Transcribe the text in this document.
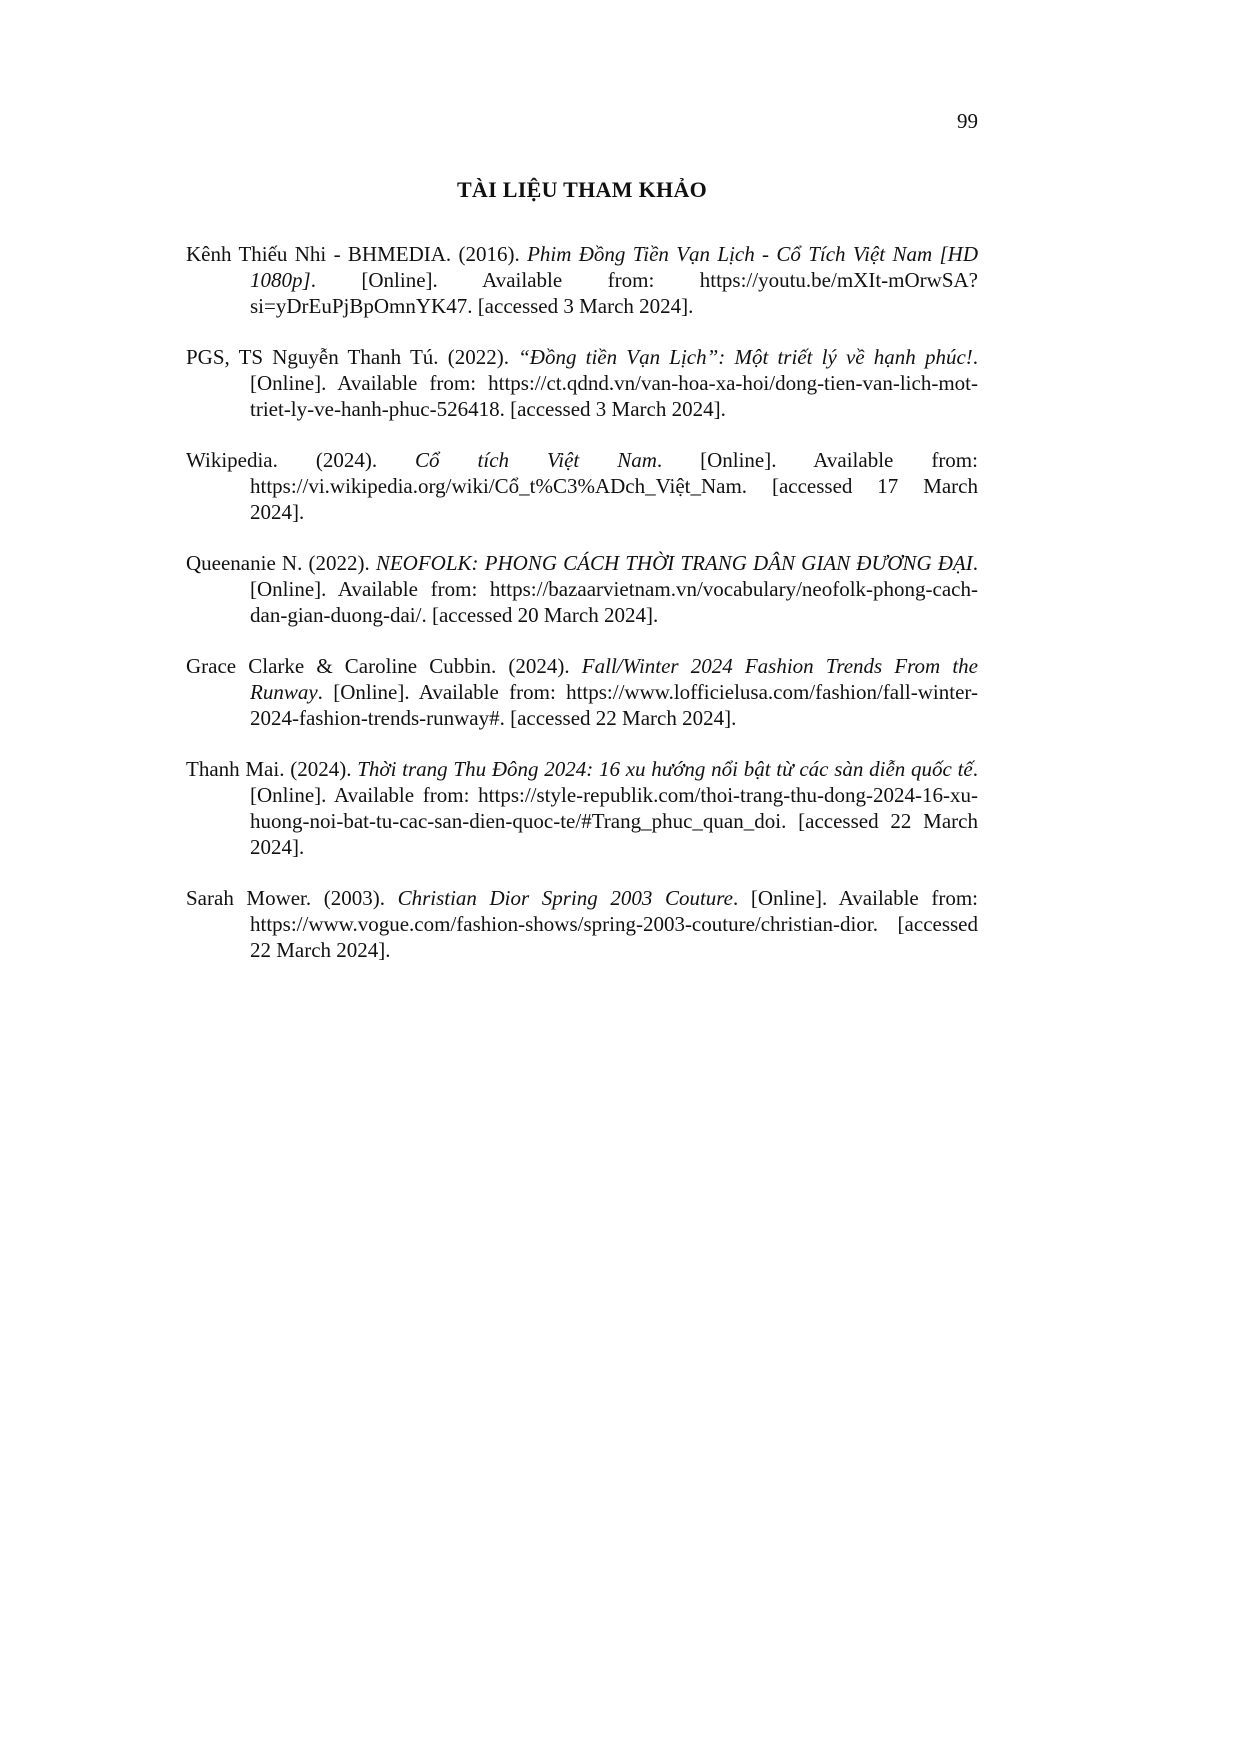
99
TÀI LIỆU THAM KHẢO

Kênh Thiếu Nhi - BHMEDIA. (2016). Phim Đồng Tiền Vạn Lịch - Cổ Tích Việt Nam [HD 1080p]. [Online]. Available from: https://youtu.be/mXIt-mOrwSA?si=yDrEuPjBpOmnYK47. [accessed 3 March 2024].

PGS, TS Nguyễn Thanh Tú. (2022). “Đồng tiền Vạn Lịch”: Một triết lý về hạnh phúc!. [Online]. Available from: https://ct.qdnd.vn/van-hoa-xa-hoi/dong-tien-van-lich-mot-triet-ly-ve-hanh-phuc-526418. [accessed 3 March 2024].

Wikipedia. (2024). Cổ tích Việt Nam. [Online]. Available from: https://vi.wikipedia.org/wiki/Cổ_t%C3%ADch_Việt_Nam. [accessed 17 March 2024].

Queenanie N. (2022). NEOFOLK: PHONG CÁCH THỜI TRANG DÂN GIAN ĐƯƠNG ĐẠI. [Online]. Available from: https://bazaarvietnam.vn/vocabulary/neofolk-phong-cach-dan-gian-duong-dai/. [accessed 20 March 2024].

Grace Clarke & Caroline Cubbin. (2024). Fall/Winter 2024 Fashion Trends From the Runway. [Online]. Available from: https://www.lofficielusa.com/fashion/fall-winter-2024-fashion-trends-runway#. [accessed 22 March 2024].

Thanh Mai. (2024). Thời trang Thu Đông 2024: 16 xu hướng nổi bật từ các sàn diễn quốc tế. [Online]. Available from: https://style-republik.com/thoi-trang-thu-dong-2024-16-xu-huong-noi-bat-tu-cac-san-dien-quoc-te/#Trang_phuc_quan_doi. [accessed 22 March 2024].

Sarah Mower. (2003). Christian Dior Spring 2003 Couture. [Online]. Available from: https://www.vogue.com/fashion-shows/spring-2003-couture/christian-dior. [accessed 22 March 2024].
